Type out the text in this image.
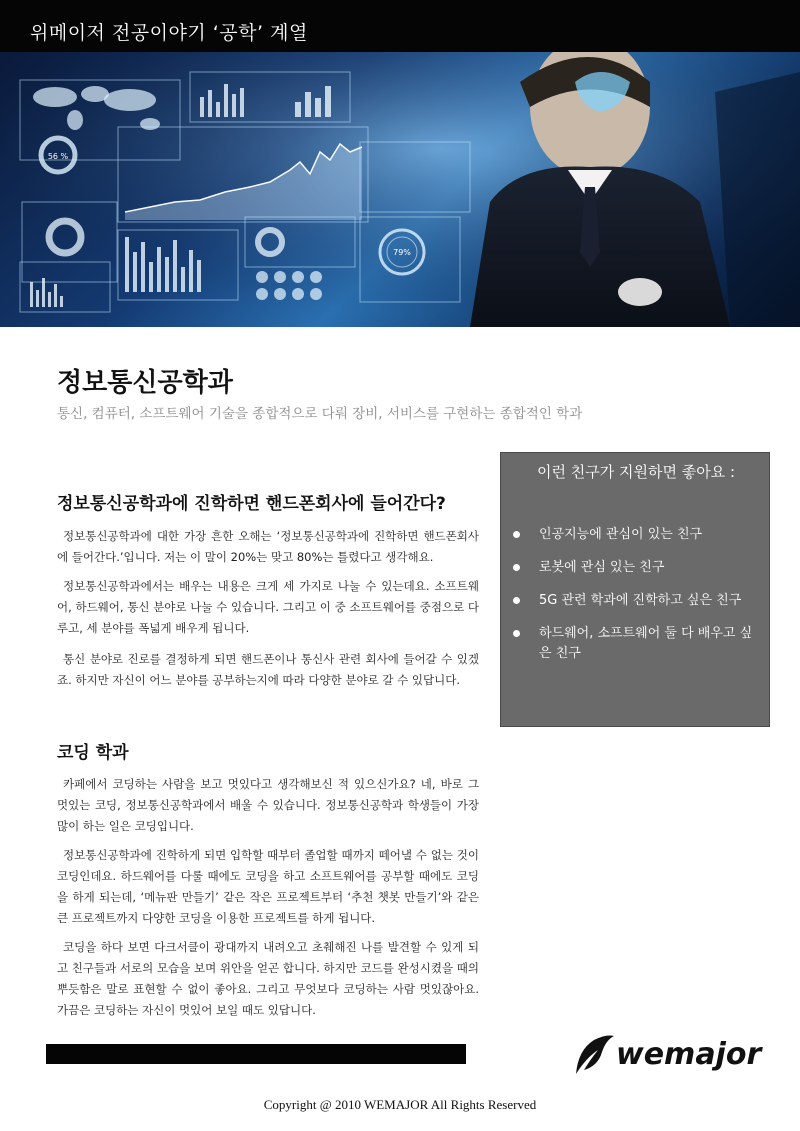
위메이저 전공이야기 ‘공학’ 계열
56 %
79%
정보통신공학과
통신, 컴퓨터, 소프트웨어 기술을 종합적으로 다뤄 장비, 서비스를 구현하는 종합적인 학과
이런 친구가 지원하면 좋아요 :
인공지능에 관심이 있는 친구
로봇에 관심 있는 친구
5G 관련 학과에 진학하고 싶은 친구
하드웨어, 소프트웨어 둘 다 배우고 싶은 친구
정보통신공학과에 진학하면 핸드폰회사에 들어간다?

정보통신공학과에 대한 가장 흔한 오해는 ‘정보통신공학과에 진학하면 핸드폰회사에 들어간다.’입니다. 저는 이 말이 20%는 맞고 80%는 틀렸다고 생각해요.

정보통신공학과에서는 배우는 내용은 크게 세 가지로 나눌 수 있는데요. 소프트웨어, 하드웨어, 통신 분야로 나눌 수 있습니다. 그리고 이 중 소프트웨어를 중점으로 다루고, 세 분야를 폭넓게 배우게 됩니다.

통신 분야로 진로를 결정하게 되면 핸드폰이나 통신사 관련 회사에 들어갈 수 있겠죠. 하지만 자신이 어느 분야를 공부하는지에 따라 다양한 분야로 갈 수 있답니다.

코딩 학과

카페에서 코딩하는 사람을 보고 멋있다고 생각해보신 적 있으신가요? 네, 바로 그 멋있는 코딩, 정보통신공학과에서 배울 수 있습니다. 정보통신공학과 학생들이 가장 많이 하는 일은 코딩입니다.

정보통신공학과에 진학하게 되면 입학할 때부터 졸업할 때까지 떼어낼 수 없는 것이 코딩인데요. 하드웨어를 다룰 때에도 코딩을 하고 소프트웨어를 공부할 때에도 코딩을 하게 되는데, ‘메뉴판 만들기’ 같은 작은 프로젝트부터 ‘추천 챗봇 만들기’와 같은 큰 프로젝트까지 다양한 코딩을 이용한 프로젝트를 하게 됩니다.

코딩을 하다 보면 다크서클이 광대까지 내려오고 초췌해진 나를 발견할 수 있게 되고 친구들과 서로의 모습을 보며 위안을 얻곤 합니다. 하지만 코드를 완성시켰을 때의 뿌듯함은 말로 표현할 수 없이 좋아요. 그리고 무엇보다 코딩하는 사람 멋있잖아요. 가끔은 코딩하는 자신이 멋있어 보일 때도 있답니다.

wemajor
Copyright @ 2010 WEMAJOR All Rights Reserved
